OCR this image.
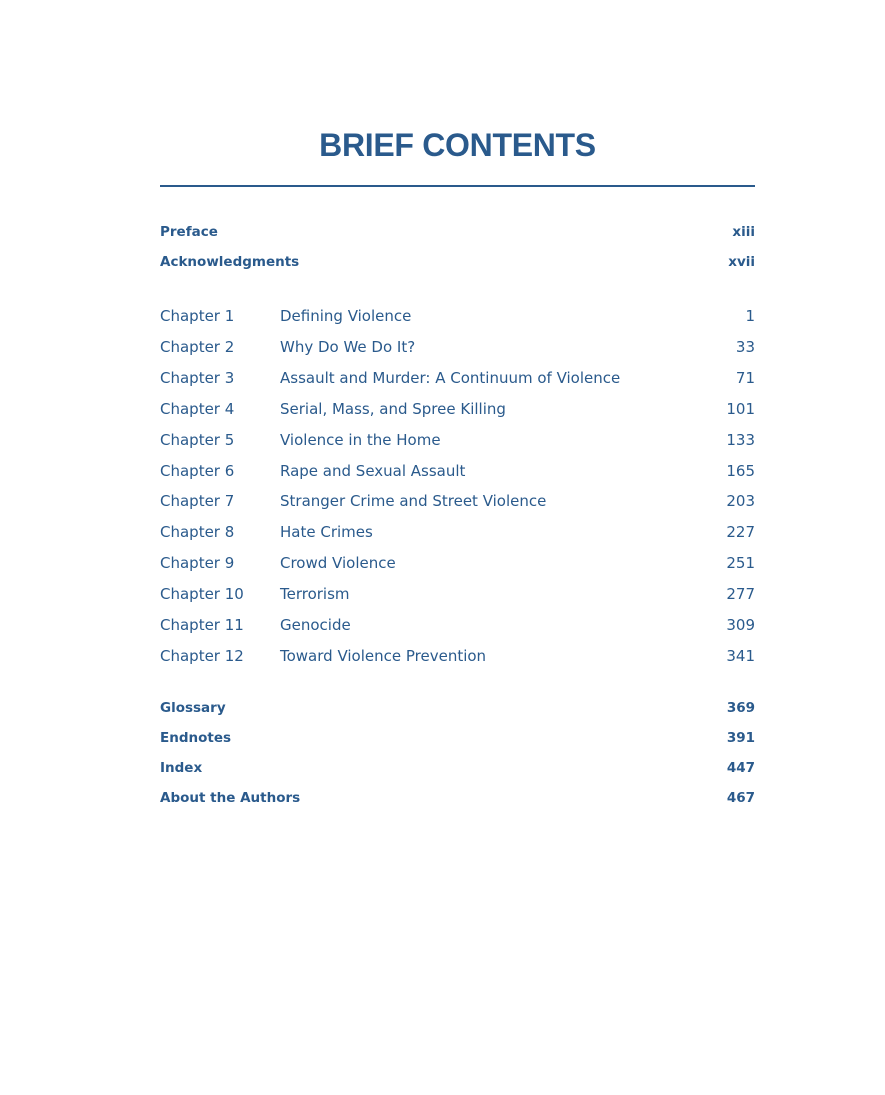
BRIEF CONTENTS
Preface	xiii
Acknowledgments	xvii
Chapter 1	Defining Violence	1
Chapter 2	Why Do We Do It?	33
Chapter 3	Assault and Murder: A Continuum of Violence	71
Chapter 4	Serial, Mass, and Spree Killing	101
Chapter 5	Violence in the Home	133
Chapter 6	Rape and Sexual Assault	165
Chapter 7	Stranger Crime and Street Violence	203
Chapter 8	Hate Crimes	227
Chapter 9	Crowd Violence	251
Chapter 10 Terrorism	277
Chapter 11 Genocide	309
Chapter 12 Toward Violence Prevention	341
Glossary	369
Endnotes	391
Index	447
About the Authors	467
